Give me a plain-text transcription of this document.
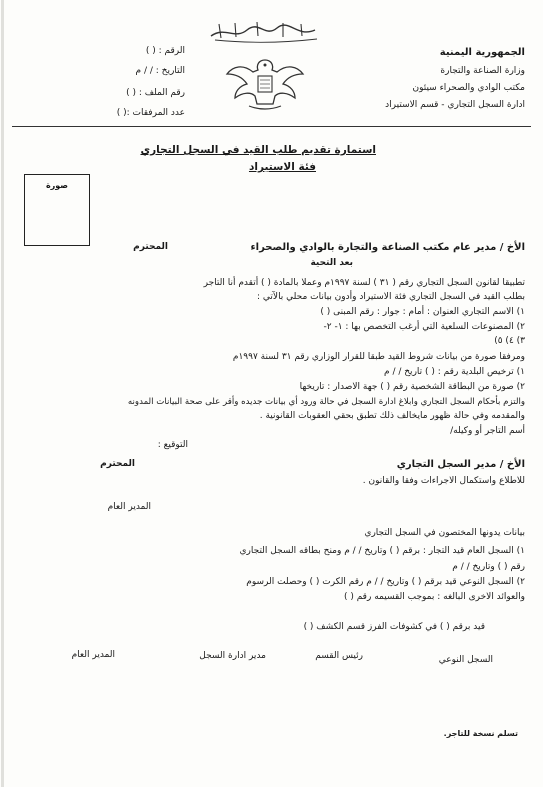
الجمهورية اليمنية
وزارة الصناعة والتجارة
مكتب الوادي والصحراء سيئون
ادارة السجل التجاري - قسم الاستيراد
الرقم : ( )
التاريخ : / / م
رقم الملف : ( )
عدد المرفقات :( )
استمارة تقديم طلب القيد في السجل التجاري
فئة الاستيراد
صورة
الأخ / مدير عام مكتب الصناعة والتجارة بالوادي والصحراء
المحترم
بعد التحية
تطبيقا لقانون السجل التجاري رقم ( ٣١ ) لسنة ١٩٩٧م وعملا بالمادة ( ) أتقدم أنا التاجر
بطلب القيد في السجل التجاري فئة الاستيراد وأدون بيانات محلي بالآتي :
١) الاسم التجاري العنوان : أمام : جوار : رقم المبنى ( )
٢) المصنوعات السلعية التي أرغب التخصص بها : ١- ٢-
٣) ٤) ٥)
ومرفقا صورة من بيانات شروط القيد طبقا للقرار الوزاري رقم ٣١ لسنة ١٩٩٧م
١) ترخيص البلدية رقم : ( ) تاريخ / / م
٢) صورة من البطاقة الشخصية رقم ( ) جهة الاصدار : تاريخها
والتزم بأحكام السجل التجاري وابلاغ ادارة السجل في حالة ورود أي بيانات جديده وأقر على صحة البيانات المدونه
والمقدمه وفي حالة ظهور مايخالف ذلك تطبق بحقي العقوبات القانونية .
أسم التاجر أو وكيله/
التوقيع :
الأخ / مدير السجل التجاري
المحترم
للاطلاع واستكمال الاجراءات وفقا والقانون .
المدير العام
بيانات يدونها المختصون في السجل التجاري
١) السجل العام قيد التجار : برقم ( ) وتاريخ / / م ومنح بطاقه السجل التجاري
رقم ( ) وتاريخ / / م
٢) السجل النوعي قيد برقم ( ) وتاريخ / / م رقم الكرت ( ) وحصلت الرسوم
والعوائد الاخرى البالغه : بموجب القسيمه رقم ( )
قيد برقم ( ) في كشوفات الفرز قسم الكشف ( )
السجل النوعي
رئيس القسم
مدير ادارة السجل
المدير العام
تسلم نسخة للتاجر.
